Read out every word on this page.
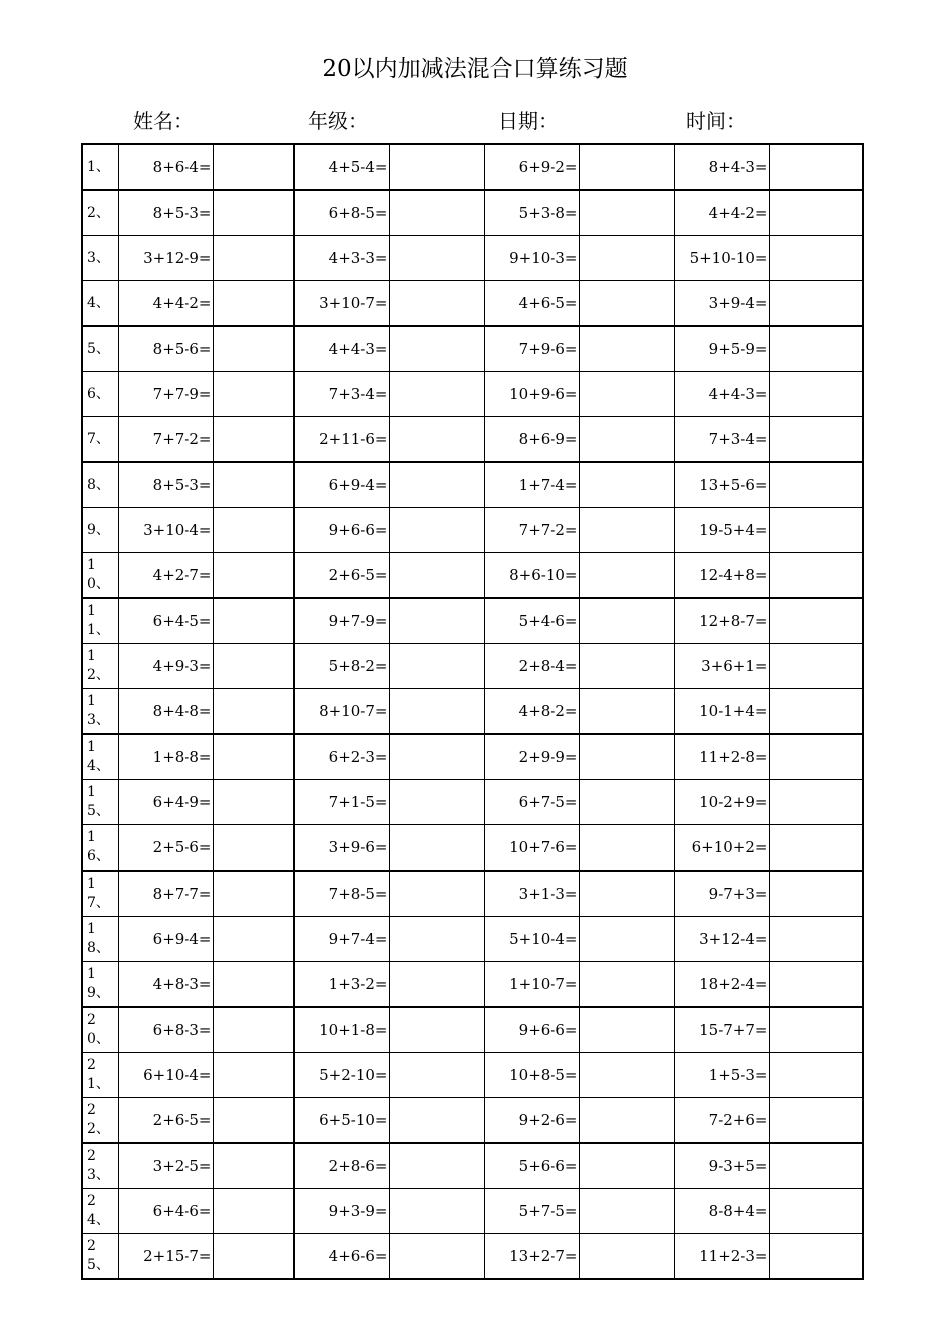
20以内加减法混合口算练习题
姓名：	年级：	日期：	时间：
1、	8+6-4=		4+5-4=		6+9-2=		8+4-3=	
2、	8+5-3=		6+8-5=		5+3-8=		4+4-2=	
3、	3+12-9=		4+3-3=		9+10-3=		5+10-10=	
4、	4+4-2=		3+10-7=		4+6-5=		3+9-4=	
5、	8+5-6=		4+4-3=		7+9-6=		9+5-9=	
6、	7+7-9=		7+3-4=		10+9-6=		4+4-3=	
7、	7+7-2=		2+11-6=		8+6-9=		7+3-4=	
8、	8+5-3=		6+9-4=		1+7-4=		13+5-6=	
9、	3+10-4=		9+6-6=		7+7-2=		19-5+4=	
10、	4+2-7=		2+6-5=		8+6-10=		12-4+8=	
11、	6+4-5=		9+7-9=		5+4-6=		12+8-7=	
12、	4+9-3=		5+8-2=		2+8-4=		3+6+1=	
13、	8+4-8=		8+10-7=		4+8-2=		10-1+4=	
14、	1+8-8=		6+2-3=		2+9-9=		11+2-8=	
15、	6+4-9=		7+1-5=		6+7-5=		10-2+9=	
16、	2+5-6=		3+9-6=		10+7-6=		6+10+2=	
17、	8+7-7=		7+8-5=		3+1-3=		9-7+3=	
18、	6+9-4=		9+7-4=		5+10-4=		3+12-4=	
19、	4+8-3=		1+3-2=		1+10-7=		18+2-4=	
20、	6+8-3=		10+1-8=		9+6-6=		15-7+7=	
21、	6+10-4=		5+2-10=		10+8-5=		1+5-3=	
22、	2+6-5=		6+5-10=		9+2-6=		7-2+6=	
23、	3+2-5=		2+8-6=		5+6-6=		9-3+5=	
24、	6+4-6=		9+3-9=		5+7-5=		8-8+4=	
25、	2+15-7=		4+6-6=		13+2-7=		11+2-3=	
